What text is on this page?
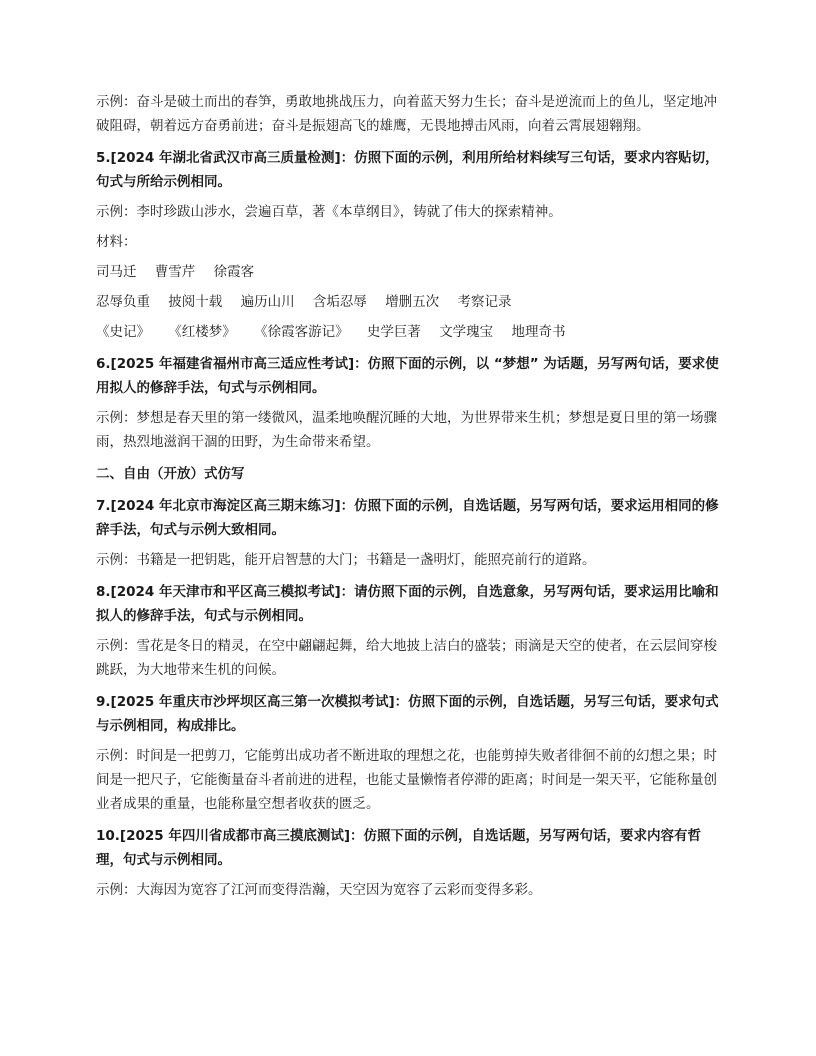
示例：奋斗是破土而出的春笋，勇敢地挑战压力，向着蓝天努力生长；奋斗是逆流而上的鱼儿，坚定地冲破阻碍，朝着远方奋勇前进；奋斗是振翅高飞的雄鹰，无畏地搏击风雨，向着云霄展翅翱翔。

5.[2024 年湖北省武汉市高三质量检测]：仿照下面的示例，利用所给材料续写三句话，要求内容贴切，句式与所给示例相同。

示例：李时珍跋山涉水，尝遍百草，著《本草纲目》，铸就了伟大的探索精神。

材料：

司马迁 曹雪芹 徐霞客

忍辱负重 披阅十载 遍历山川 含垢忍辱 增删五次 考察记录

《史记》 《红楼梦》 《徐霞客游记》 史学巨著 文学瑰宝 地理奇书

6.[2025 年福建省福州市高三适应性考试]：仿照下面的示例，以 “梦想” 为话题，另写两句话，要求使用拟人的修辞手法，句式与示例相同。

示例：梦想是春天里的第一缕微风，温柔地唤醒沉睡的大地，为世界带来生机；梦想是夏日里的第一场骤雨，热烈地滋润干涸的田野，为生命带来希望。

二、自由（开放）式仿写

7.[2024 年北京市海淀区高三期末练习]：仿照下面的示例，自选话题，另写两句话，要求运用相同的修辞手法，句式与示例大致相同。

示例：书籍是一把钥匙，能开启智慧的大门；书籍是一盏明灯，能照亮前行的道路。

8.[2024 年天津市和平区高三模拟考试]：请仿照下面的示例，自选意象，另写两句话，要求运用比喻和拟人的修辞手法，句式与示例相同。

示例：雪花是冬日的精灵，在空中翩翩起舞，给大地披上洁白的盛装；雨滴是天空的使者，在云层间穿梭跳跃，为大地带来生机的问候。

9.[2025 年重庆市沙坪坝区高三第一次模拟考试]：仿照下面的示例，自选话题，另写三句话，要求句式与示例相同，构成排比。

示例：时间是一把剪刀，它能剪出成功者不断进取的理想之花，也能剪掉失败者徘徊不前的幻想之果；时间是一把尺子，它能衡量奋斗者前进的进程，也能丈量懒惰者停滞的距离；时间是一架天平，它能称量创业者成果的重量，也能称量空想者收获的匮乏。

10.[2025 年四川省成都市高三摸底测试]：仿照下面的示例，自选话题，另写两句话，要求内容有哲理，句式与示例相同。

示例：大海因为宽容了江河而变得浩瀚，天空因为宽容了云彩而变得多彩。
